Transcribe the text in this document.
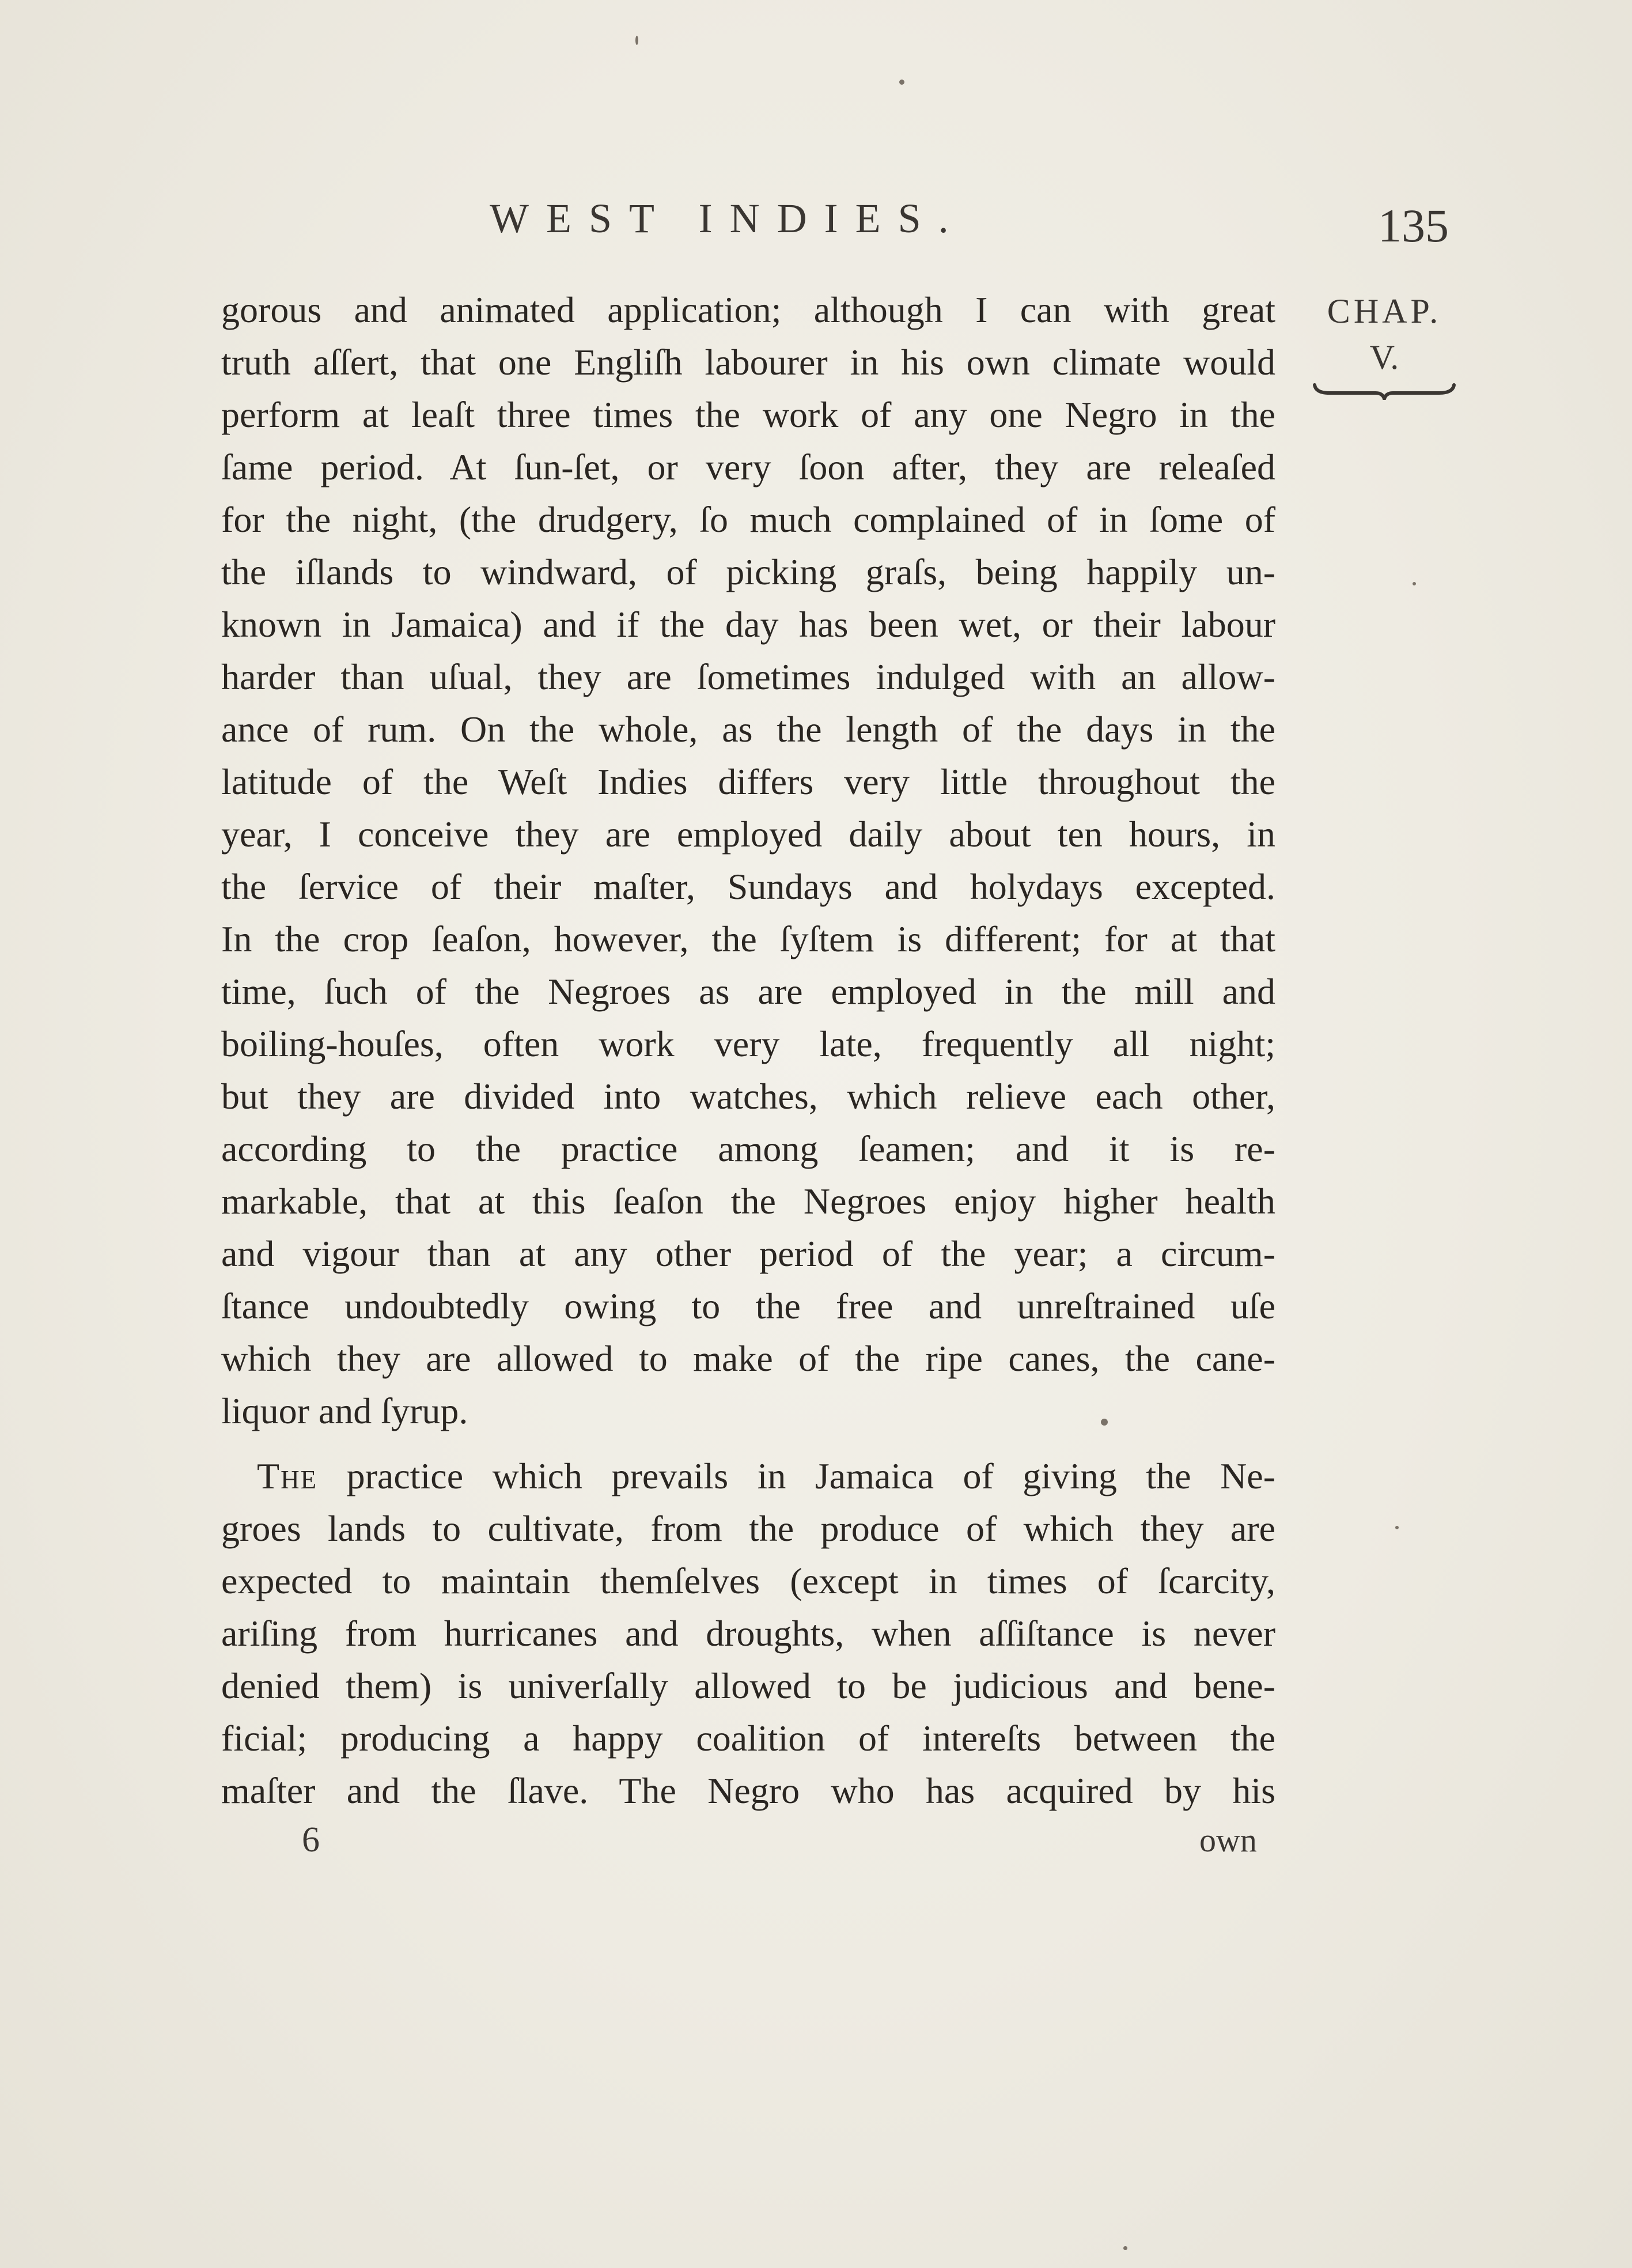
WEST INDIES.	135
CHAP.
V.
gorous and animated application; although I can with great
truth aſſert, that one Engliſh labourer in his own climate would
perform at leaſt three times the work of any one Negro in the
ſame period. At ſun-ſet, or very ſoon after, they are releaſed
for the night, (the drudgery, ſo much complained of in ſome of
the iſlands to windward, of picking graſs, being happily un-
known in Jamaica) and if the day has been wet, or their labour
harder than uſual, they are ſometimes indulged with an allow-
ance of rum. On the whole, as the length of the days in the
latitude of the Weſt Indies differs very little throughout the
year, I conceive they are employed daily about ten hours, in
the ſervice of their maſter, Sundays and holydays excepted.
In the crop ſeaſon, however, the ſyſtem is different; for at that
time, ſuch of the Negroes as are employed in the mill and
boiling-houſes, often work very late, frequently all night;
but they are divided into watches, which relieve each other,
according to the practice among ſeamen; and it is re-
markable, that at this ſeaſon the Negroes enjoy higher health
and vigour than at any other period of the year; a circum-
ſtance undoubtedly owing to the free and unreſtrained uſe
which they are allowed to make of the ripe canes, the cane-
liquor and ſyrup.
The practice which prevails in Jamaica of giving the Ne-
groes lands to cultivate, from the produce of which they are
expected to maintain themſelves (except in times of ſcarcity,
ariſing from hurricanes and droughts, when aſſiſtance is never
denied them) is univerſally allowed to be judicious and bene-
ficial; producing a happy coalition of intereſts between the
maſter and the ſlave. The Negro who has acquired by his
6	own
